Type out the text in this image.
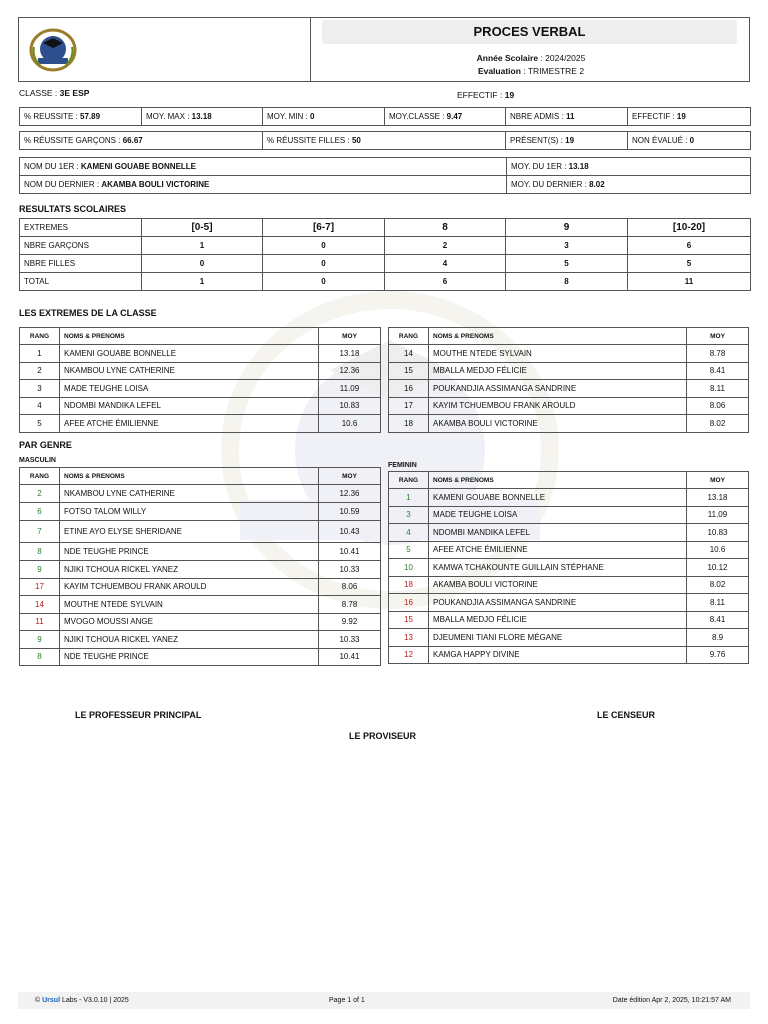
PROCES VERBAL
Année Scolaire : 2024/2025
Evaluation : TRIMESTRE 2
CLASSE : 3E ESP	EFFECTIF : 19
% REUSSITE : 57.89	MOY. MAX : 13.18	MOY. MIN : 0	MOY.CLASSE : 9.47	NBRE ADMIS : 11	EFFECTIF : 19
% RÉUSSITE GARÇONS : 66.67	% RÉUSSITE FILLES : 50	PRÉSENT(S) : 19	NON ÉVALUÉ : 0
NOM DU 1ER : KAMENI GOUABE BONNELLE	MOY. DU 1ER : 13.18
NOM DU DERNIER : AKAMBA BOULI VICTORINE	MOY. DU DERNIER : 8.02
RESULTATS SCOLAIRES
EXTREMES	[0-5]	[6-7]	8	9	[10-20]
NBRE GARÇONS	1	0	2	3	6
NBRE FILLES	0	0	4	5	5
TOTAL	1	0	6	8	11
LES EXTREMES DE LA CLASSE
RANG	NOMS & PRENOMS	MOY
1	KAMENI GOUABE BONNELLE	13.18
2	NKAMBOU LYNE CATHERINE	12.36
3	MADE TEUGHE LOISA	11.09
4	NDOMBI MANDIKA LEFEL	10.83
5	AFEE ATCHE ÉMILIENNE	10.6
RANG	NOMS & PRENOMS	MOY
14	MOUTHE NTEDE SYLVAIN	8.78
15	MBALLA MEDJO FÉLICIE	8.41
16	POUKANDJIA ASSIMANGA SANDRINE	8.11
17	KAYIM TCHUEMBOU FRANK AROULD	8.06
18	AKAMBA BOULI VICTORINE	8.02
PAR GENRE
MASCULIN
FEMININ
RANG	NOMS & PRENOMS	MOY
2	NKAMBOU LYNE CATHERINE	12.36
6	FOTSO TALOM WILLY	10.59
7	ETINE AYO ELYSE SHERIDANE	10.43
8	NDE TEUGHE PRINCE	10.41
9	NJIKI TCHOUA RICKEL YANEZ	10.33
17	KAYIM TCHUEMBOU FRANK AROULD	8.06
14	MOUTHE NTEDE SYLVAIN	8.78
11	MVOGO MOUSSI ANGE	9.92
9	NJIKI TCHOUA RICKEL YANEZ	10.33
8	NDE TEUGHE PRINCE	10.41
RANG	NOMS & PRENOMS	MOY
1	KAMENI GOUABE BONNELLE	13.18
3	MADE TEUGHE LOISA	11.09
4	NDOMBI MANDIKA LEFEL	10.83
5	AFEE ATCHE ÉMILIENNE	10.6
10	KAMWA TCHAKOUNTE GUILLAIN STÉPHANE	10.12
18	AKAMBA BOULI VICTORINE	8.02
16	POUKANDJIA ASSIMANGA SANDRINE	8.11
15	MBALLA MEDJO FÉLICIE	8.41
13	DJEUMENI TIANI FLORE MÉGANE	8.9
12	KAMGA HAPPY DIVINE	9.76
LE PROFESSEUR PRINCIPAL	LE CENSEUR
LE PROVISEUR
© Ursul Labs - V3.0.10 | 2025	Page 1 of 1	Date édition Apr 2, 2025, 10:21:57 AM
